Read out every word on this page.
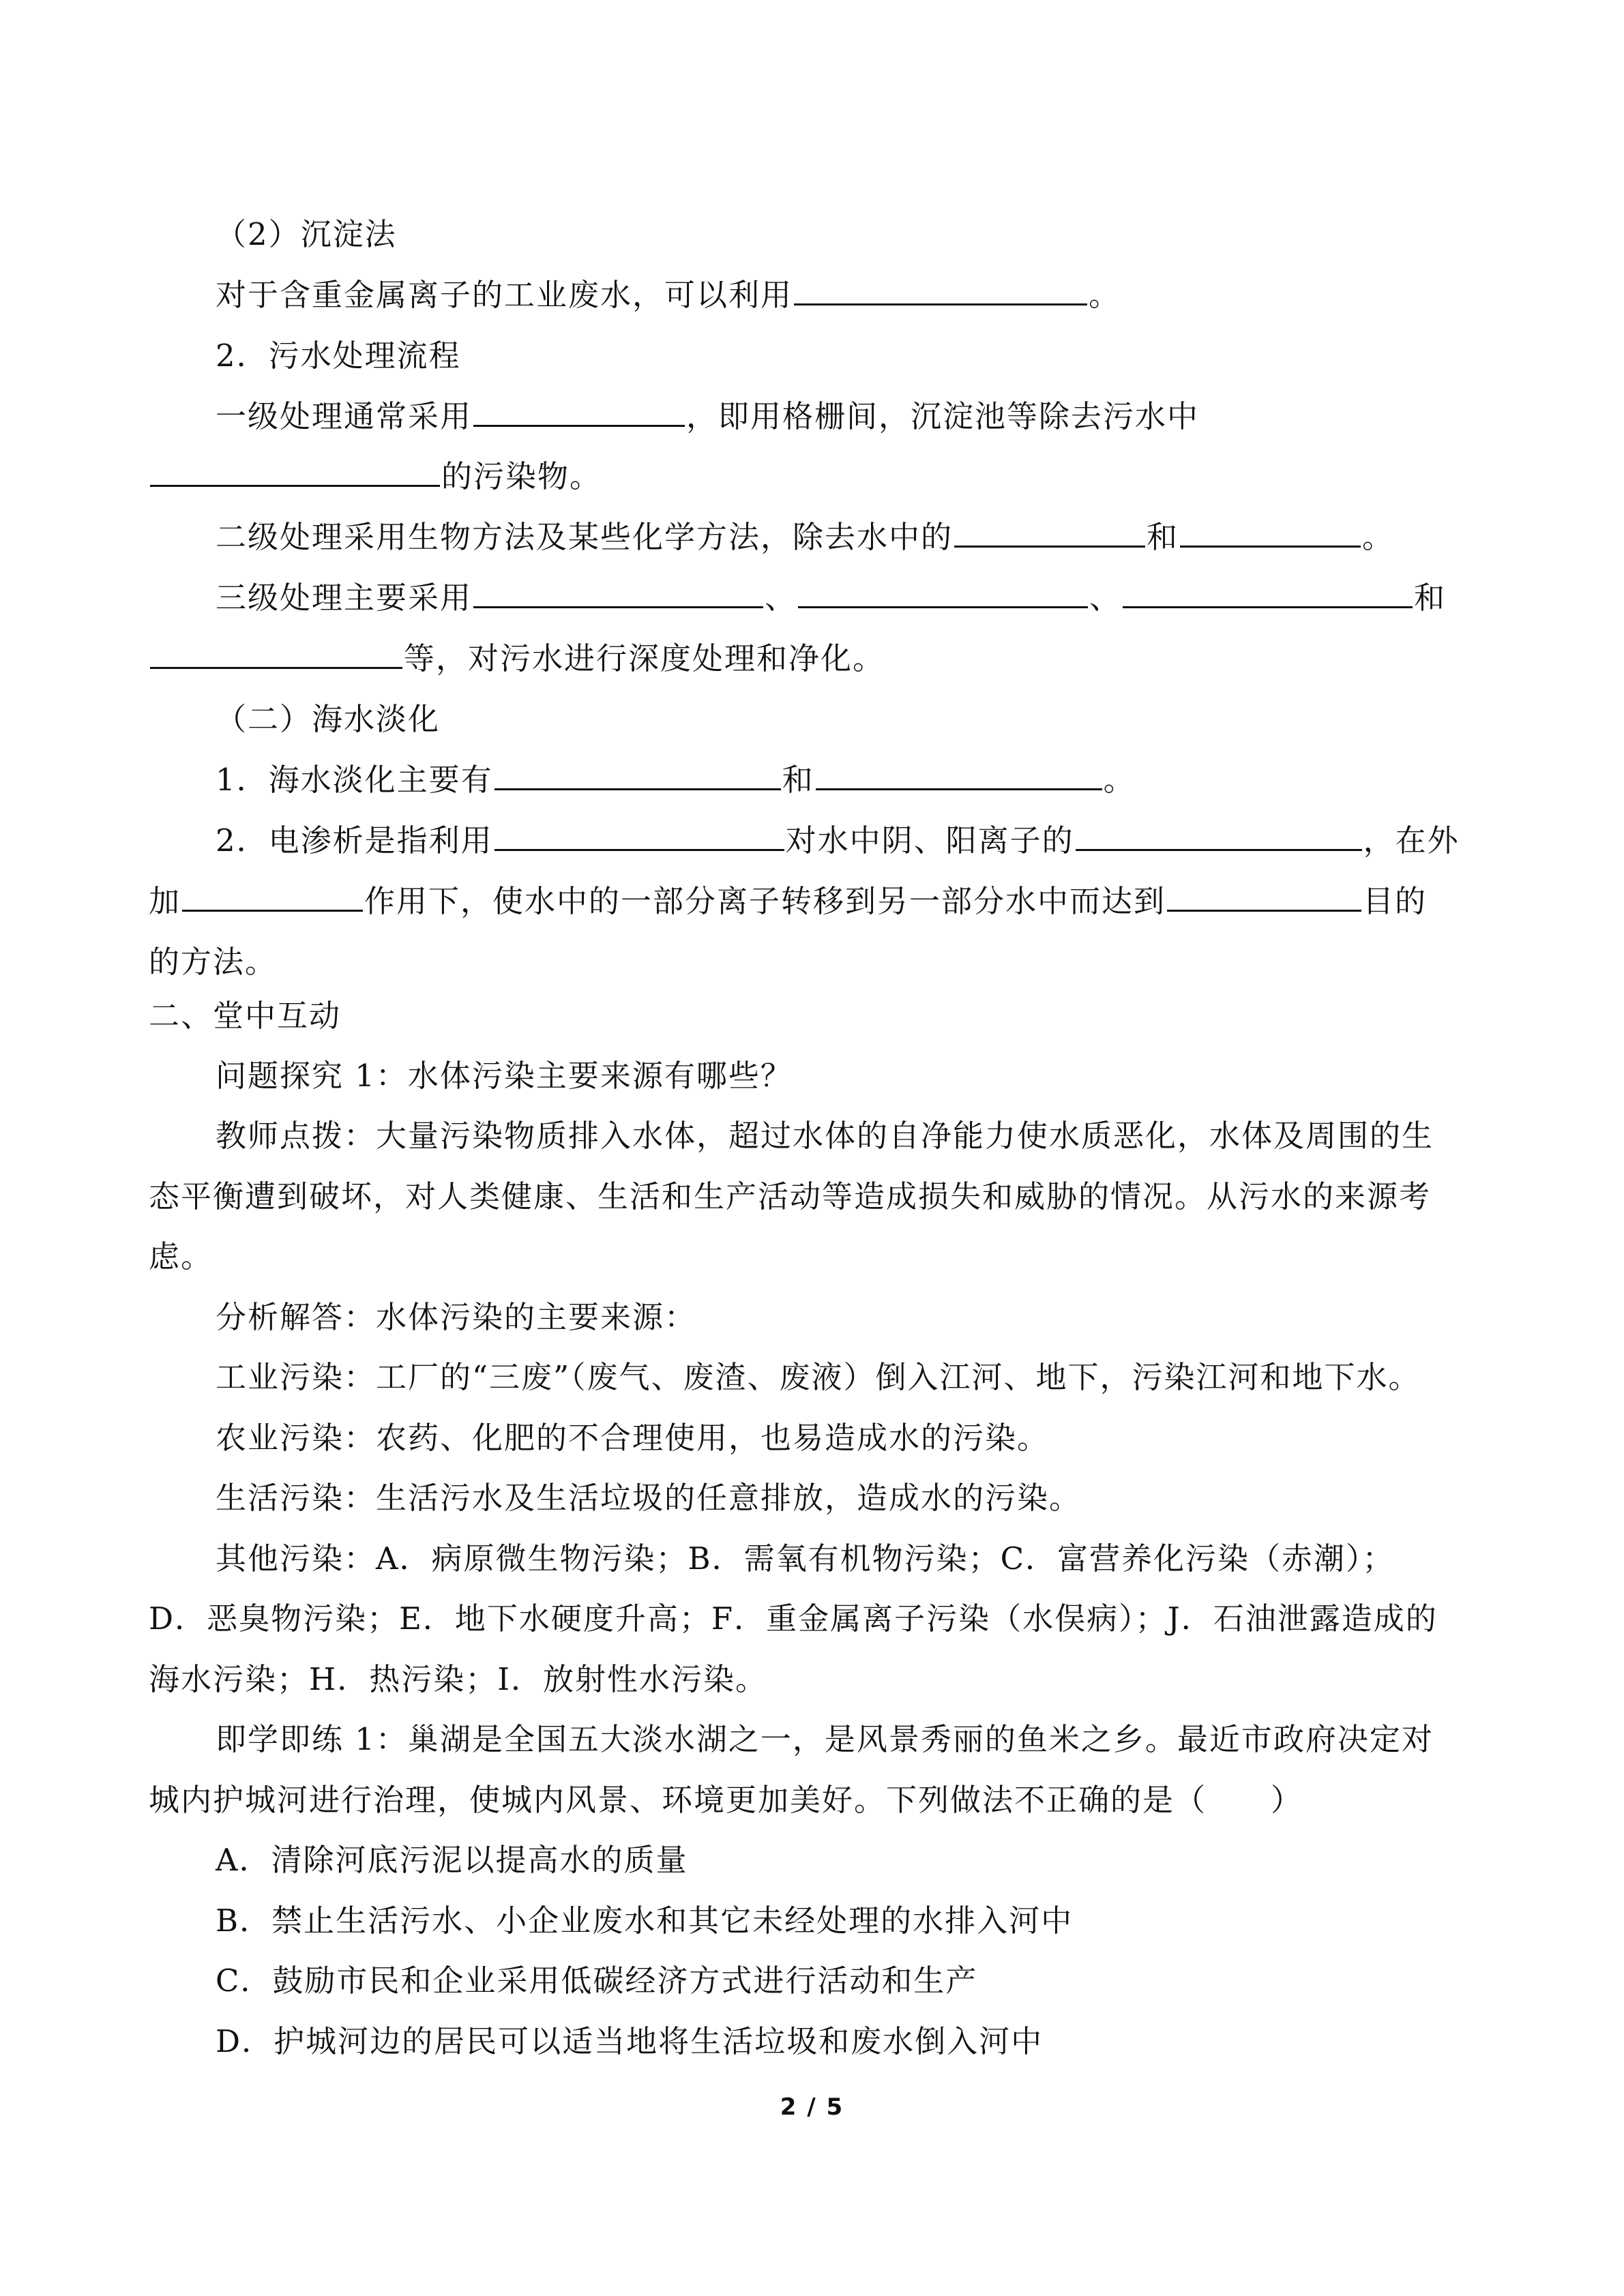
（2）沉淀法
对于含重金属离子的工业废水，可以利用	。
2．污水处理流程
一级处理通常采用	，即用格栅间，沉淀池等除去污水中
的污染物。
二级处理采用生物方法及某些化学方法，除去水中的	和	。
三级处理主要采用	、	、	和
等，对污水进行深度处理和净化。
（二）海水淡化
1．海水淡化主要有	和	。
2．电渗析是指利用	对水中阴、阳离子的	，在外
加	作用下，使水中的一部分离子转移到另一部分水中而达到	目的
的方法。
二、堂中互动
问题探究 1：水体污染主要来源有哪些？
教师点拨：大量污染物质排入水体，超过水体的自净能力使水质恶化，水体及周围的生
态平衡遭到破坏，对人类健康、生活和生产活动等造成损失和威胁的情况。从污水的来源考
虑。
分析解答：水体污染的主要来源：
工业污染：工厂的“三废”（废气、废渣、废液）倒入江河、地下，污染江河和地下水。
农业污染：农药、化肥的不合理使用，也易造成水的污染。
生活污染：生活污水及生活垃圾的任意排放，造成水的污染。
其他污染：A．病原微生物污染；B．需氧有机物污染；C．富营养化污染（赤潮）；
D．恶臭物污染；E．地下水硬度升高；F．重金属离子污染（水俣病）；J．石油泄露造成的
海水污染；H．热污染；I．放射性水污染。
即学即练 1：巢湖是全国五大淡水湖之一，是风景秀丽的鱼米之乡。最近市政府决定对
城内护城河进行治理，使城内风景、环境更加美好。下列做法不正确的是（　　）
A．清除河底污泥以提高水的质量
B．禁止生活污水、小企业废水和其它未经处理的水排入河中
C．鼓励市民和企业采用低碳经济方式进行活动和生产
D．护城河边的居民可以适当地将生活垃圾和废水倒入河中
2 / 5
